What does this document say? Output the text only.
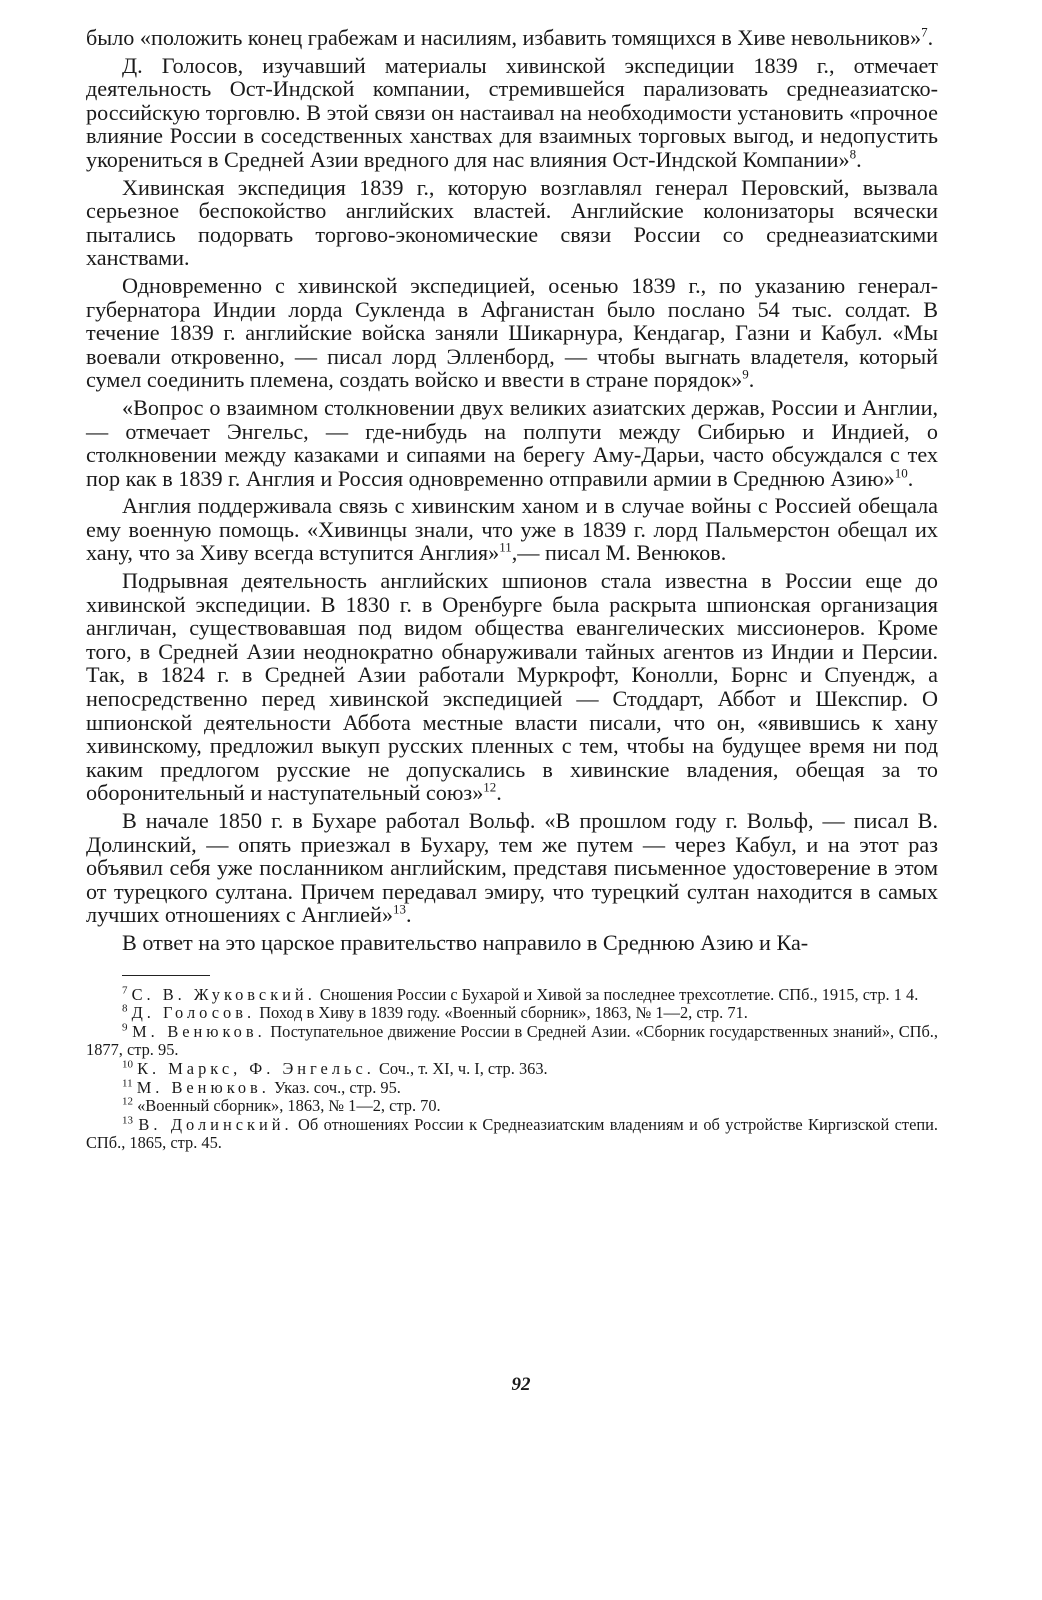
было «положить конец грабежам и насилиям, избавить томящихся в Хиве невольников»$^7$.

Д. Голосов, изучавший материалы хивинской экспедиции 1839 г., отмечает деятельность Ост-Индской компании, стремившейся парализовать среднеазиатско-российскую торговлю. В этой связи он настаивал на необходимости установить «прочное влияние России в соседственных ханствах для взаимных торговых выгод, и недопустить укорениться в Средней Азии вредного для нас влияния Ост-Индской Компании»$^8$.

Хивинская экспедиция 1839 г., которую возглавлял генерал Перовский, вызвала серьезное беспокойство английских властей. Английские колонизаторы всячески пытались подорвать торгово-экономические связи России со среднеазиатскими ханствами.

Одновременно с хивинской экспедицией, осенью 1839 г., по указанию генерал-губернатора Индии лорда Сукленда в Афганистан было послано 54 тыс. солдат. В течение 1839 г. английские войска заняли Шикарнура, Кендагар, Газни и Кабул. «Мы воевали откровенно, — писал лорд Элленборд, — чтобы выгнать владетеля, который сумел соединить племена, создать войско и ввести в стране порядок»$^9$.

«Вопрос о взаимном столкновении двух великих азиатских держав, России и Англии,— отмечает Энгельс, — где-нибудь на полпути между Сибирью и Индией, о столкновении между казаками и сипаями на берегу Аму-Дарьи, часто обсуждался с тех пор как в 1839 г. Англия и Россия одновременно отправили армии в Среднюю Азию»$^{10}$.

Англия поддерживала связь с хивинским ханом и в случае войны с Россией обещала ему военную помощь. «Хивинцы знали, что уже в 1839 г. лорд Пальмерстон обещал их хану, что за Хиву всегда вступится Англия»$^{11}$,— писал М. Венюков.

Подрывная деятельность английских шпионов стала известна в России еще до хивинской экспедиции. В 1830 г. в Оренбурге была раскрыта шпионская организация англичан, существовавшая под видом общества евангелических миссионеров. Кроме того, в Средней Азии неоднократно обнаруживали тайных агентов из Индии и Персии. Так, в 1824 г. в Средней Азии работали Муркрофт, Конолли, Борнс и Спуендж, а непосредственно перед хивинской экспедицией — Стоддарт, Аббот и Шекспир. О шпионской деятельности Аббота местные власти писали, что он, «явившись к хану хивинскому, предложил выкуп русских пленных с тем, чтобы на будущее время ни под каким предлогом русские не допускались в хивинские владения, обещая за то оборонительный и наступательный союз»$^{12}$.

В начале 1850 г. в Бухаре работал Вольф. «В прошлом году г. Вольф, — писал В. Долинский, — опять приезжал в Бухару, тем же путем — через Кабул, и на этот раз объявил себя уже посланником английским, представя письменное удостоверение в этом от турецкого султана. Причем передавал эмиру, что турецкий султан находится в самых лучших отношениях с Англией»$^{13}$.

В ответ на это царское правительство направило в Среднюю Азию и Ка-

$^7$ С. В. Жуковский. Сношения России с Бухарой и Хивой за последнее трехсотлетие. СПб., 1915, стр. 1 4.

$^8$ Д. Голосов. Поход в Хиву в 1839 году. «Военный сборник», 1863, № 1—2, стр. 71.

$^9$ М. Венюков. Поступательное движение России в Средней Азии. «Сборник государственных знаний», СПб., 1877, стр. 95.

$^{10}$ К. Маркс, Ф. Энгельс. Соч., т. XI, ч. I, стр. 363.

$^{11}$ М. Венюков. Указ. соч., стр. 95.

$^{12}$ «Военный сборник», 1863, № 1—2, стр. 70.

$^{13}$ В. Долинский. Об отношениях России к Среднеазиатским владениям и об устройстве Киргизской степи. СПб., 1865, стр. 45.

92
